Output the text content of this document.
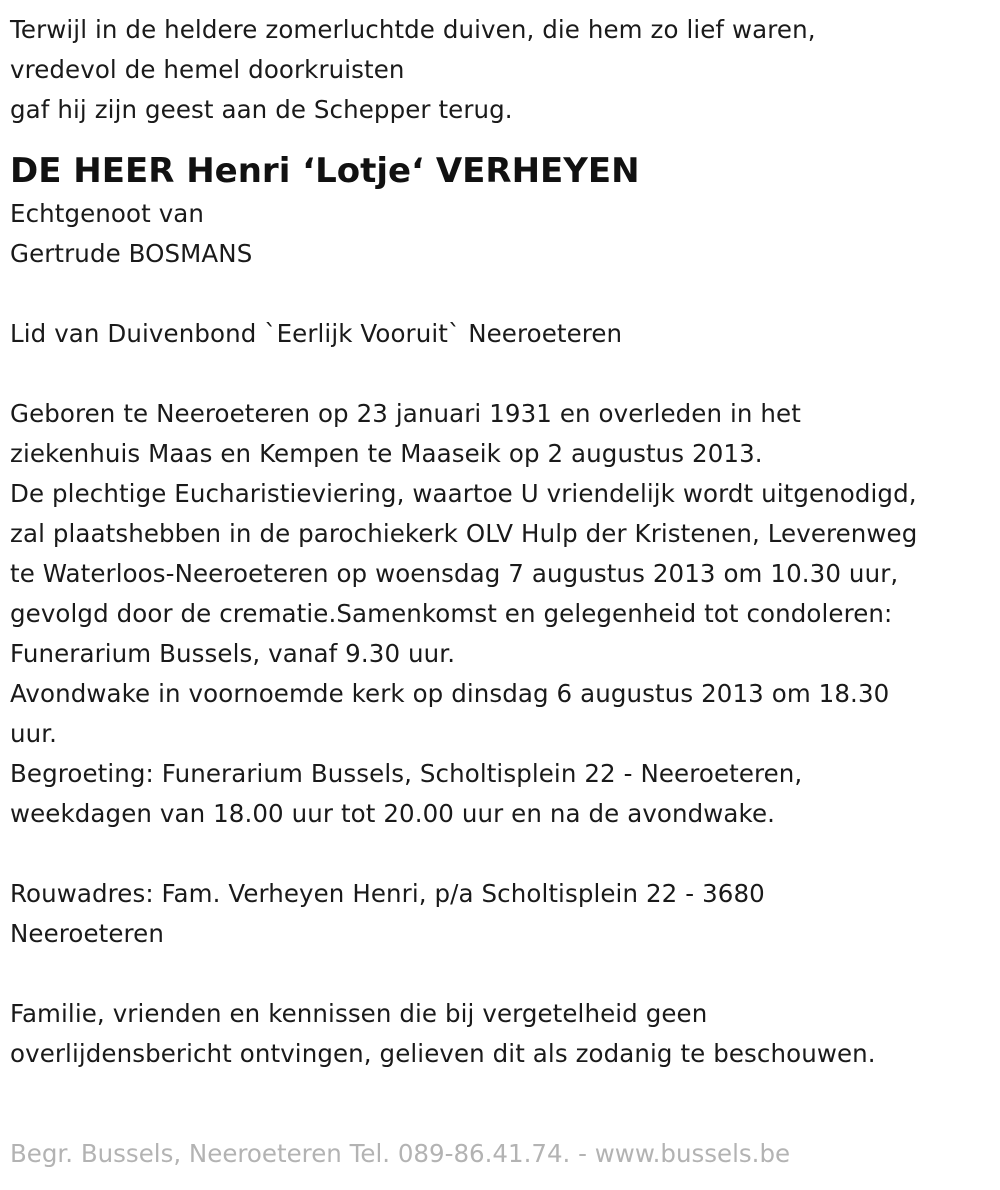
Terwijl in de heldere zomerluchtde duiven, die hem zo lief waren,
vredevol de hemel doorkruisten
gaf hij zijn geest aan de Schepper terug.
DE HEER Henri ‘Lotje‘ VERHEYEN
Echtgenoot van
Gertrude BOSMANS
Lid van Duivenbond `Eerlijk Vooruit` Neeroeteren
Geboren te Neeroeteren op 23 januari 1931 en overleden in het
ziekenhuis Maas en Kempen te Maaseik op 2 augustus 2013.
De plechtige Eucharistieviering, waartoe U vriendelijk wordt uitgenodigd,
zal plaatshebben in de parochiekerk OLV Hulp der Kristenen, Leverenweg
te Waterloos-Neeroeteren op woensdag 7 augustus 2013 om 10.30 uur,
gevolgd door de crematie.Samenkomst en gelegenheid tot condoleren:
Funerarium Bussels, vanaf 9.30 uur.
Avondwake in voornoemde kerk op dinsdag 6 augustus 2013 om 18.30
uur.
Begroeting: Funerarium Bussels, Scholtisplein 22 - Neeroeteren,
weekdagen van 18.00 uur tot 20.00 uur en na de avondwake.
Rouwadres: Fam. Verheyen Henri, p/a Scholtisplein 22 - 3680
Neeroeteren
Familie, vrienden en kennissen die bij vergetelheid geen
overlijdensbericht ontvingen, gelieven dit als zodanig te beschouwen.
Begr. Bussels, Neeroeteren Tel. 089-86.41.74. - www.bussels.be
